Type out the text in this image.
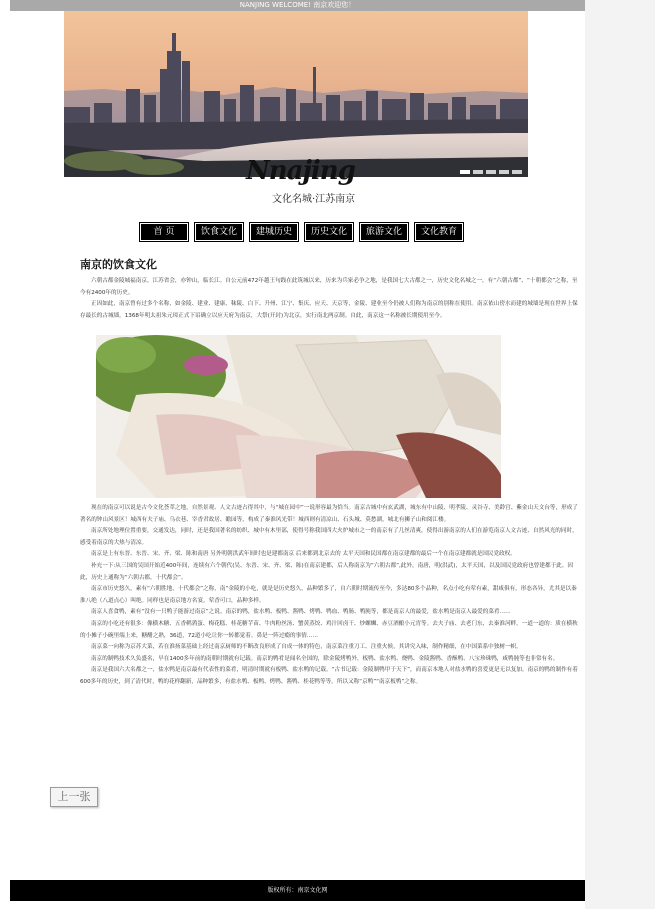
NANJING WELCOME! 南京欢迎您！
Nnajing
文化名城·江苏南京
首 页	饮食文化	建城历史	历史文化	旅游文化	文化教育
南京的饮食文化

六朝古都金陵城福南京，江苏省会，亦钟山，临长江。自公元前472年越王句践在此筑城以来，历来为兵家必争之地，是我国七大古都之一，历史文化名城之一，有“六朝古都”、“十朝都会”之称，至今有2400年的历史。

正因如此，南京曾有过多个名称，如金陵、建业、建康、秣陵、白下、升州、江宁、集庆、应天、天京等，金陵、建业至今仍被人们称为南京的别称在使用。南京依山傍水而建的城墙是现在世界上保存最长的古城墙。1368年明太祖朱元璋正式下诏确立以应天府为南京，大祭(开封)为北京，实行南北两京制。自此，南京这一名称被长期使用至今。

现在的南京可以说是古今文化荟萃之地，自然景观、人文古迹占得其中，与“城在园中”一说形容最为恰当。南京古城中有玄武湖，城东有中山陵、明孝陵、灵谷寺、美龄宫、紫金山天文台等，形成了著名的钟山风景区！城西有夫子庙、乌衣巷、宰香君故居、瞻园等，构成了秦淮风光带！城西则有清凉山、石头城、莫愁湖，城北有狮子山和阅江楼。

南京所处地理位置重要，交通发达，同时，还是我国著名的纺织、城中有木里部，使得号称我国四大火炉城市之一的南京有了几丝清爽，使得出游南京的人们在游览南京人文古迹、自然风光的同时，感受着南京的大热与清凉。

南京是上有东晋、东晋、宋、齐、梁、陈和南唐 另外明朝洪武年间时也是建都南京 后来都到北京去的 太平天国和民国都在南京建都的最后一个在南京建都就是国民党政权。

补充一下:从三国的吴国开始近400年间，连续有六个朝代(吴、东晋、宋、齐、梁、陈)在南京建都，后人称南京为“六朝古都”,此外，南唐，明(洪武)，太平天国，以及国民党政府也曾建都于此。因此，历史上通称为“六朝古都，十代都会”。

南京市历史悠久，素有“六朝胜地，十代都会”之称，南“金陵的小吃，就是是历史悠久，品种繁多了，自六朝时期流传至今，多达80多个品种，名点小吃有荤有素，甜咸俱有，形态各异，尤其是以秦淮八绝（八道点心）叫绝。同样也是南京地方名宴，荤香可口，品种多样。

南京人喜食鸭，素有“没有一只鸭子能游过南京”之说。南京的鸭，盐水鸭、板鸭、酱鸭、烤鸭、鸭血、鸭肠、鸭肫等，都是南京人的最爱，盐水鸭是南京人最爱的菜肴……

南京的小吃还有很多：像横木糖、五香鹌鹑蛋、梅花糕、桂花糖芋苗、牛肉粉丝汤、蟹黄蒸饺、鸡汁回卤干、炒螺蛳、赤豆酒酿小元宵等。去夫子庙、去老门东，去秦淮河畔，一道一道的：质在横秋的小摊子小碗里端上来，糖醋之熟，36道，72道小吃让你一转都觉着。鼻是一阵过瘾的事情……

南京菜一向称为京苏大菜，若在淮扬菜基础上经过南京厨师的不断改良形成了自成一体的特色，南京菜注重刀工、注重火候，其讲究入味，制作精细，在中国菜系中独树一帜。

南京的制鸭技术久负盛名，早在1400多年前的南朝时期就有记载。南京的鸭肴是闻名全国的，除金陵烤鸭外，板鸭、盐水鸭、烧鸭、金陵酱鸭、香酥鸭、八宝珍珠鸭，咸鸭肫等也非常有名。

南京是我国六大名都之一，盐水鸭是南京最有代表性的菜肴，明清时期就有板鸭、盐水鸭的记载。“古书记载：金陵制鸭甲于天下”，而南京本地人对盐水鸭的喜爱更是无以复加。南京的鸭的制作有着600多年的历史，到了清代时，鸭的花样翻新，品种繁多，有盐水鸭、板鸭、烤鸭、酱鸭、桂花鸭等等。所以又称“京鸭”“南京板鸭”之称。

上一张
版权所有：南京文化网
